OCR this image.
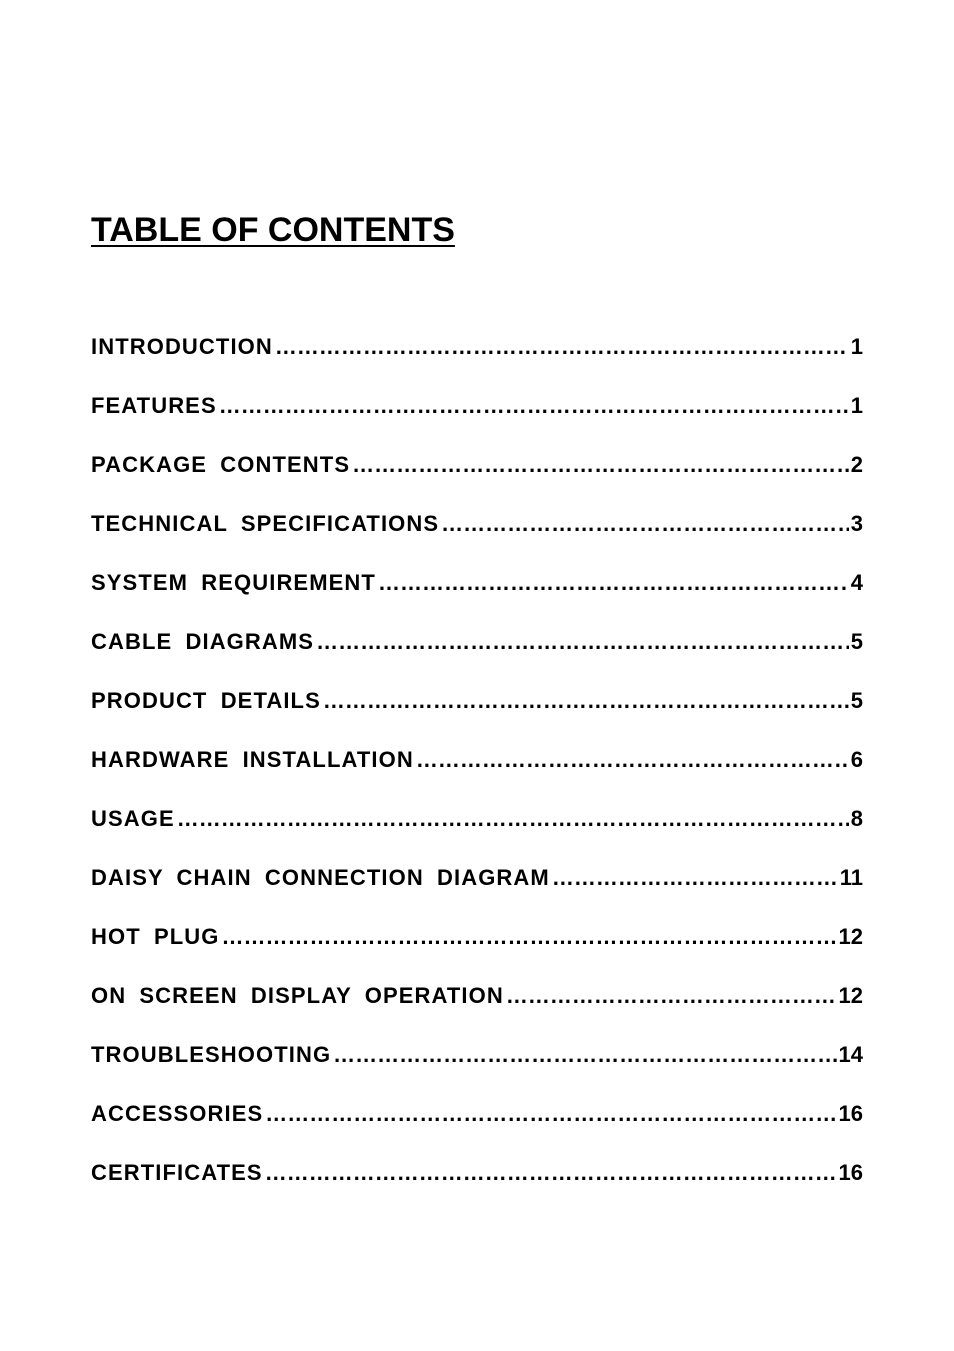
TABLE OF CONTENTS
INTRODUCTION ……………………………………………………………………………………………………………………………………………………………………………………………………………………	1
FEATURES ……………………………………………………………………………………………………………………………………………………………………………………………………………………	1
PACKAGE CONTENTS ……………………………………………………………………………………………………………………………………………………………………………………………………………………	2
TECHNICAL SPECIFICATIONS ……………………………………………………………………………………………………………………………………………………………………………………………………………………	3
SYSTEM REQUIREMENT ……………………………………………………………………………………………………………………………………………………………………………………………………………………	4
CABLE DIAGRAMS ……………………………………………………………………………………………………………………………………………………………………………………………………………………	5
PRODUCT DETAILS ……………………………………………………………………………………………………………………………………………………………………………………………………………………	5
HARDWARE INSTALLATION ……………………………………………………………………………………………………………………………………………………………………………………………………………………	6
USAGE ……………………………………………………………………………………………………………………………………………………………………………………………………………………	8
DAISY CHAIN CONNECTION DIAGRAM ……………………………………………………………………………………………………………………………………………………………………………………………………………………	11
HOT PLUG ……………………………………………………………………………………………………………………………………………………………………………………………………………………	12
ON SCREEN DISPLAY OPERATION ……………………………………………………………………………………………………………………………………………………………………………………………………………………	12
TROUBLESHOOTING ……………………………………………………………………………………………………………………………………………………………………………………………………………………	14
ACCESSORIES ……………………………………………………………………………………………………………………………………………………………………………………………………………………	16
CERTIFICATES ……………………………………………………………………………………………………………………………………………………………………………………………………………………	16
